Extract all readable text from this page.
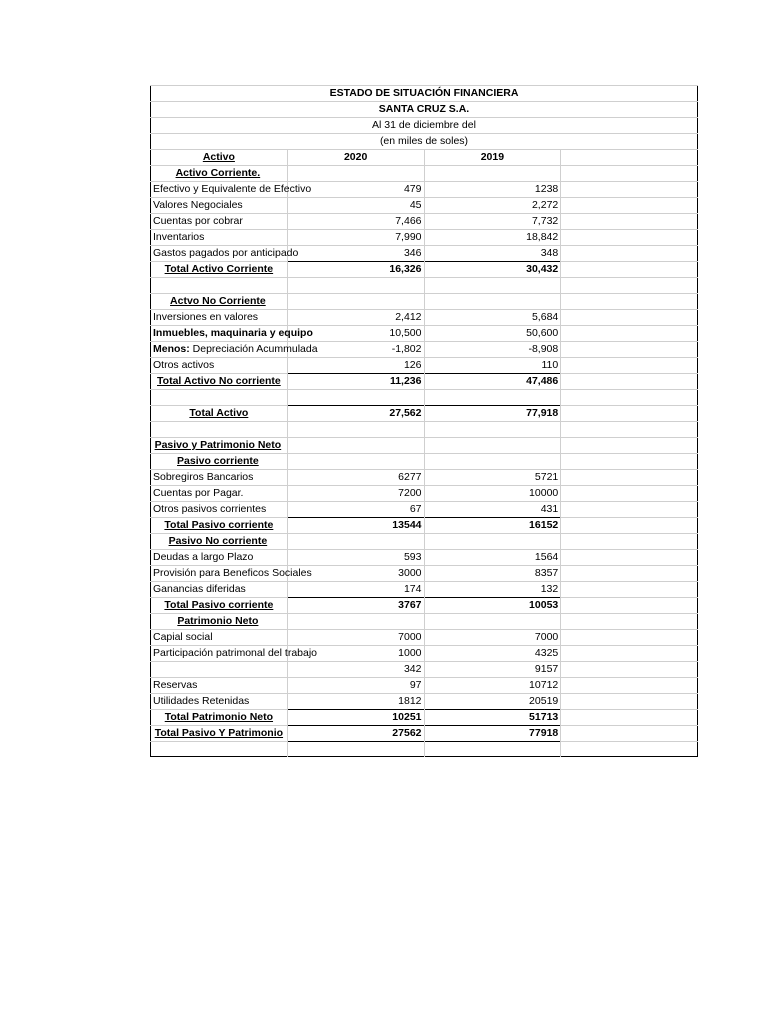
ESTADO DE SITUACIÓN FINANCIERA			
SANTA CRUZ S.A.			
Al 31 de diciembre del			
(en miles de soles)			
Activo	2020	2019	
Activo Corriente.			
Efectivo y Equivalente de Efectivo	479	1238	
Valores Negociales	45	2,272	
Cuentas por cobrar	7,466	7,732	
Inventarios	7,990	18,842	
Gastos pagados por anticipado	346	348	
Total Activo Corriente	16,326	30,432	

Actvo No Corriente			
Inversiones en valores	2,412	5,684	
Inmuebles, maquinaria y equipo	10,500	50,600	
Menos: Depreciación Acummulada	-1,802	-8,908	
Otros activos	126	110	
Total Activo No corriente	11,236	47,486	

Total Activo	27,562	77,918	

Pasivo y Patrimonio Neto			
Pasivo corriente			
Sobregiros Bancarios	6277	5721	
Cuentas por Pagar.	7200	10000	
Otros pasivos corrientes	67	431	
Total Pasivo corriente	13544	16152	
Pasivo No corriente			
Deudas a largo Plazo	593	1564	
Provisión para Beneficos Sociales	3000	8357	
Ganancias diferidas	174	132	
Total Pasivo corriente	3767	10053	
Patrimonio Neto			
Capial social	7000	7000	
Participación patrimonal del trabajo	1000	4325	
	342	9157	
Reservas	97	10712	
Utilidades Retenidas	1812	20519	
Total Patrimonio Neto	10251	51713	
Total Pasivo Y Patrimonio	27562	77918	
